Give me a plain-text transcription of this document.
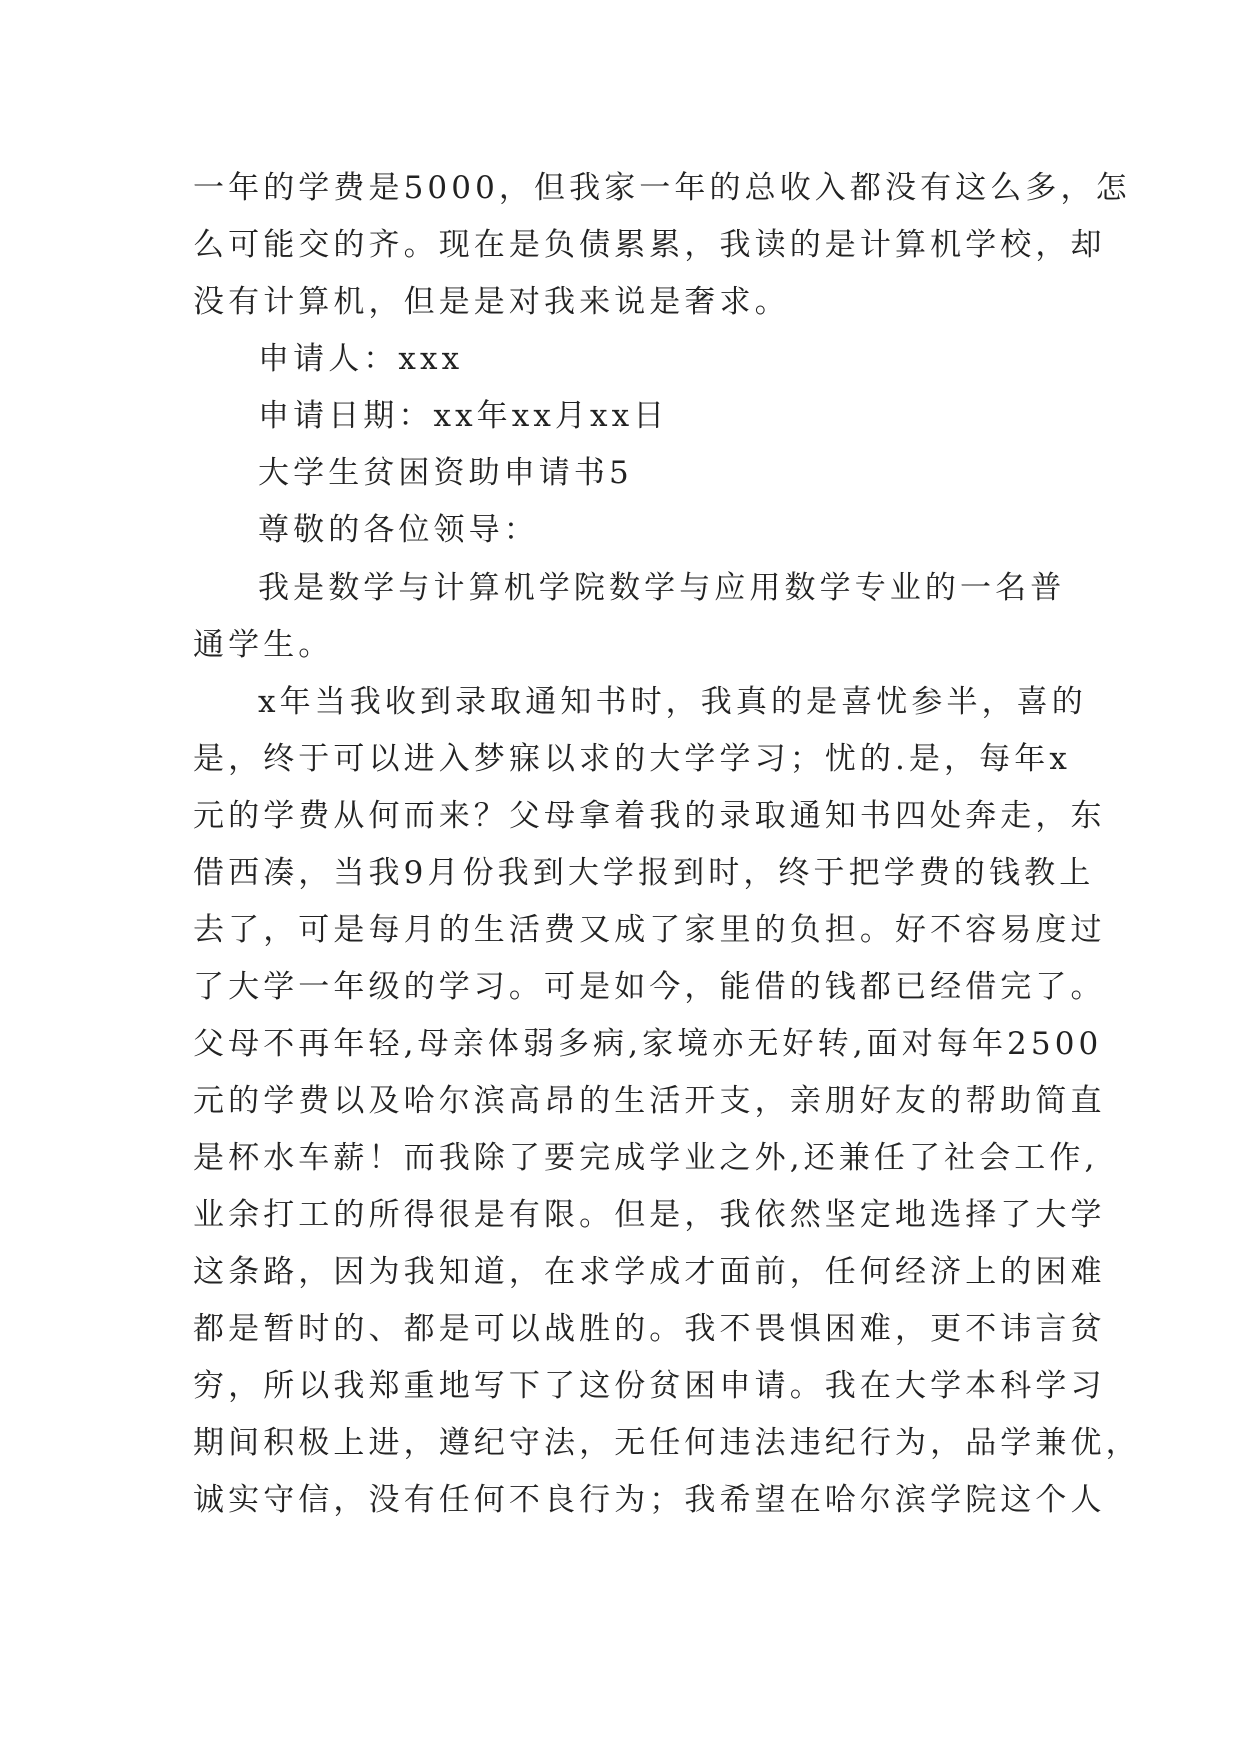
一年的学费是5000，但我家一年的总收入都没有这么多，怎
么可能交的齐。现在是负债累累，我读的是计算机学校，却
没有计算机，但是是对我来说是奢求。
申请人：xxx
申请日期：xx年xx月xx日
大学生贫困资助申请书5
尊敬的各位领导：
我是数学与计算机学院数学与应用数学专业的一名普
通学生。
x年当我收到录取通知书时，我真的是喜忧参半，喜的
是，终于可以进入梦寐以求的大学学习；忧的.是，每年x
元的学费从何而来？父母拿着我的录取通知书四处奔走，东
借西凑，当我9月份我到大学报到时，终于把学费的钱教上
去了，可是每月的生活费又成了家里的负担。好不容易度过
了大学一年级的学习。可是如今，能借的钱都已经借完了。
父母不再年轻,母亲体弱多病,家境亦无好转,面对每年2500
元的学费以及哈尔滨高昂的生活开支，亲朋好友的帮助简直
是杯水车薪！而我除了要完成学业之外,还兼任了社会工作,
业余打工的所得很是有限。但是，我依然坚定地选择了大学
这条路，因为我知道，在求学成才面前，任何经济上的困难
都是暂时的、都是可以战胜的。我不畏惧困难，更不讳言贫
穷，所以我郑重地写下了这份贫困申请。我在大学本科学习
期间积极上进，遵纪守法，无任何违法违纪行为，品学兼优，
诚实守信，没有任何不良行为；我希望在哈尔滨学院这个人
